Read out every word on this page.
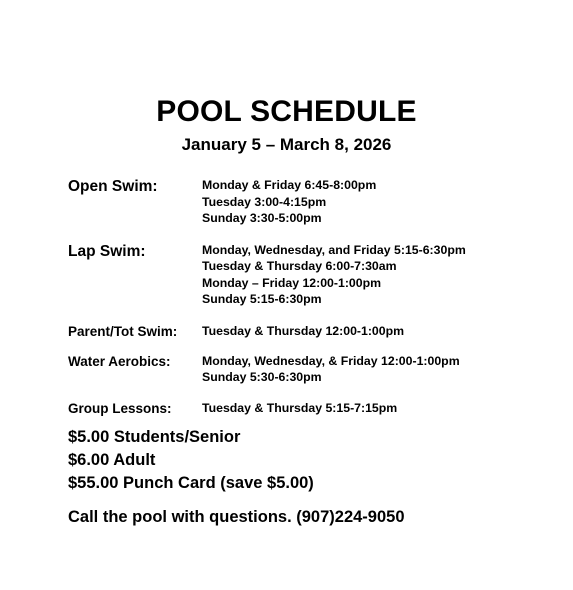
POOL SCHEDULE
January 5 – March 8, 2026
Open Swim:	Monday & Friday 6:45-8:00pm
Tuesday 3:00-4:15pm
Sunday 3:30-5:00pm
Lap Swim:	Monday, Wednesday, and Friday 5:15-6:30pm
Tuesday & Thursday 6:00-7:30am
Monday – Friday 12:00-1:00pm
Sunday 5:15-6:30pm
Parent/Tot Swim:	Tuesday & Thursday 12:00-1:00pm
Water Aerobics:	Monday, Wednesday, & Friday 12:00-1:00pm
Sunday 5:30-6:30pm
Group Lessons:	Tuesday & Thursday 5:15-7:15pm
$5.00 Students/Senior
$6.00 Adult
$55.00 Punch Card (save $5.00)
Call the pool with questions. (907)224-9050
